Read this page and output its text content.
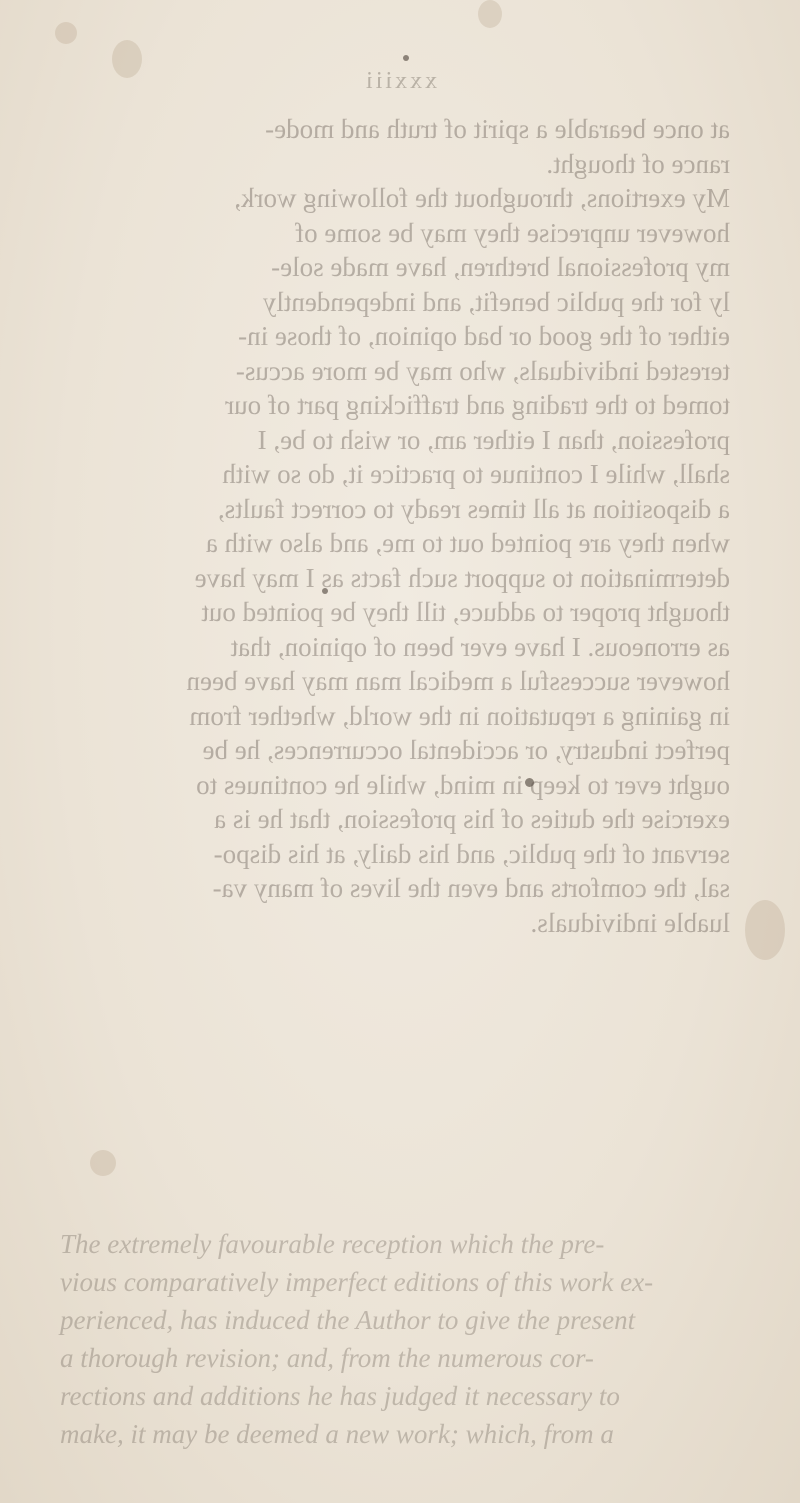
xxxiii
at once bearable a spirit of truth and mode-
rance of thought.
My exertions, throughout the following work,
however unprecise they may be some of
my professional brethren, have made sole-
ly for the public benefit, and independently
either of the good or bad opinion, of those in-
terested individuals, who may be more accus-
tomed to the trading and trafficking part of our
profession, than I either am, or wish to be, I
shall, while I continue to practice it, do so with
a disposition at all times ready to correct faults,
when they are pointed out to me, and also with a
determination to support such facts as I may have
thought proper to adduce, till they be pointed out
as erroneous. I have ever been of opinion, that
however successful a medical man may have been
in gaining a reputation in the world, whether from
perfect industry, or accidental occurrences, he be
ought ever to keep in mind, while he continues to
exercise the duties of his profession, that he is a
servant of the public, and his daily, at his dispo-
sal, the comforts and even the lives of many va-
luable individuals.
The extremely favourable reception which the pre-
vious comparatively imperfect editions of this work ex-
perienced, has induced the Author to give the present
a thorough revision; and, from the numerous cor-
rections and additions he has judged it necessary to
make, it may be deemed a new work; which, from a
